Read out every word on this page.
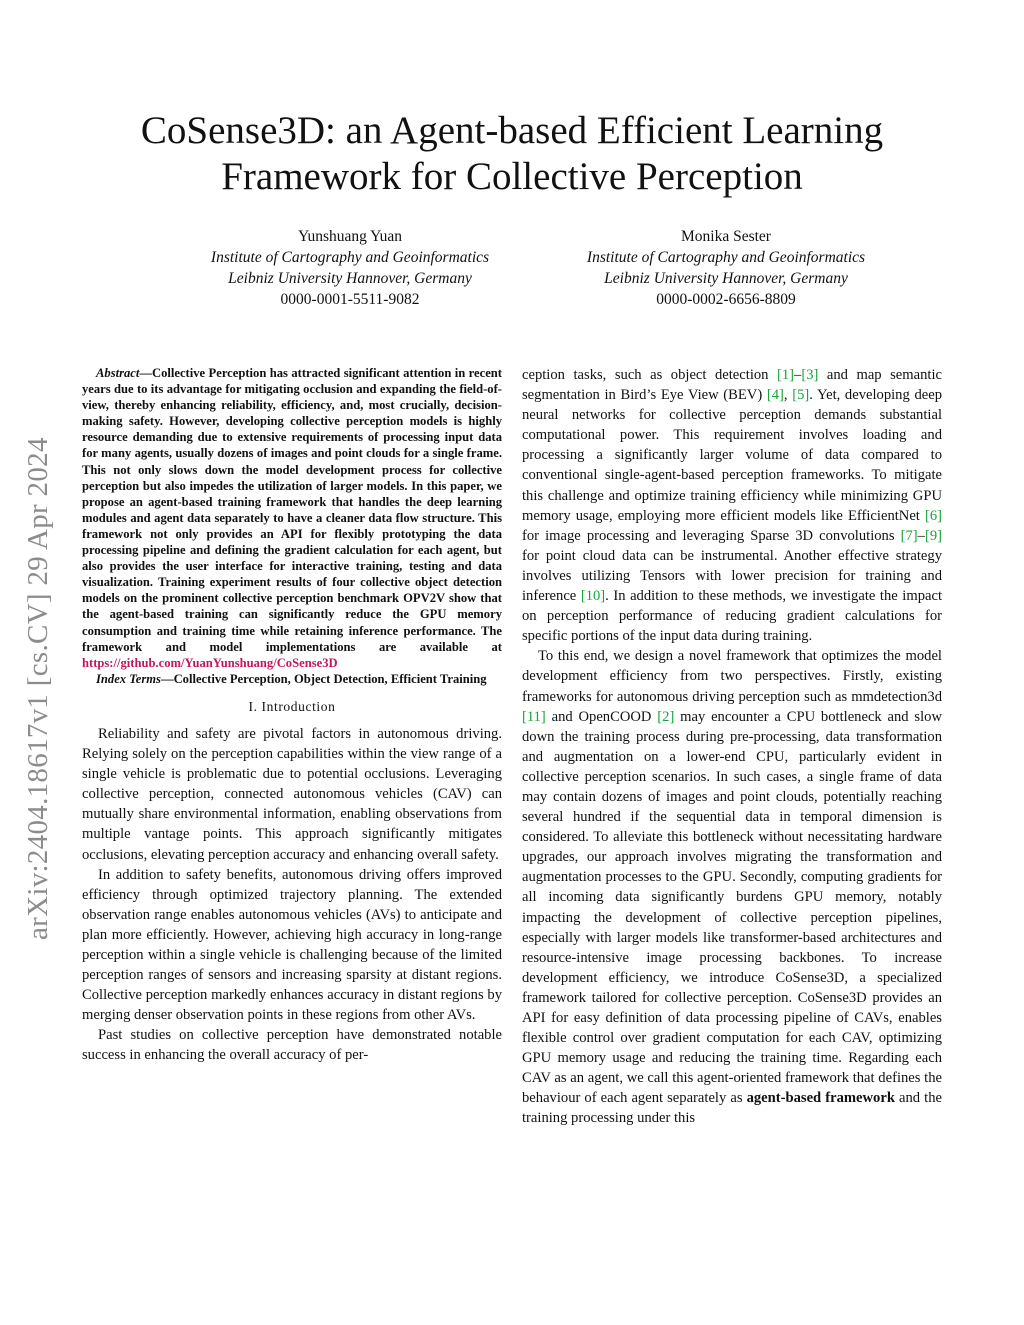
arXiv:2404.18617v1 [cs.CV] 29 Apr 2024
CoSense3D: an Agent-based Efficient Learning
Framework for Collective Perception
Yunshuang Yuan
Institute of Cartography and Geoinformatics
Leibniz University Hannover, Germany
0000-0001-5511-9082
Monika Sester
Institute of Cartography and Geoinformatics
Leibniz University Hannover, Germany
0000-0002-6656-8809

Abstract—Collective Perception has attracted significant attention in recent years due to its advantage for mitigating occlusion and expanding the field-of-view, thereby enhancing reliability, efficiency, and, most crucially, decision-making safety. However, developing collective perception models is highly resource demanding due to extensive requirements of processing input data for many agents, usually dozens of images and point clouds for a single frame. This not only slows down the model development process for collective perception but also impedes the utilization of larger models. In this paper, we propose an agent-based training framework that handles the deep learning modules and agent data separately to have a cleaner data flow structure. This framework not only provides an API for flexibly prototyping the data processing pipeline and defining the gradient calculation for each agent, but also provides the user interface for interactive training, testing and data visualization. Training experiment results of four collective object detection models on the prominent collective perception benchmark OPV2V show that the agent-based training can significantly reduce the GPU memory consumption and training time while retaining inference performance. The framework and model implementations are available at https://github.com/YuanYunshuang/CoSense3D

Index Terms—Collective Perception, Object Detection, Efficient Training

I. Introduction

Reliability and safety are pivotal factors in autonomous driving. Relying solely on the perception capabilities within the view range of a single vehicle is problematic due to potential occlusions. Leveraging collective perception, connected autonomous vehicles (CAV) can mutually share environmental information, enabling observations from multiple vantage points. This approach significantly mitigates occlusions, elevating perception accuracy and enhancing overall safety.

In addition to safety benefits, autonomous driving offers improved efficiency through optimized trajectory planning. The extended observation range enables autonomous vehicles (AVs) to anticipate and plan more efficiently. However, achieving high accuracy in long-range perception within a single vehicle is challenging because of the limited perception ranges of sensors and increasing sparsity at distant regions. Collective perception markedly enhances accuracy in distant regions by merging denser observation points in these regions from other AVs.

Past studies on collective perception have demonstrated notable success in enhancing the overall accuracy of per-

ception tasks, such as object detection [1]–[3] and map semantic segmentation in Bird’s Eye View (BEV) [4], [5]. Yet, developing deep neural networks for collective perception demands substantial computational power. This requirement involves loading and processing a significantly larger volume of data compared to conventional single-agent-based perception frameworks. To mitigate this challenge and optimize training efficiency while minimizing GPU memory usage, employing more efficient models like EfficientNet [6] for image processing and leveraging Sparse 3D convolutions [7]–[9] for point cloud data can be instrumental. Another effective strategy involves utilizing Tensors with lower precision for training and inference [10]. In addition to these methods, we investigate the impact on perception performance of reducing gradient calculations for specific portions of the input data during training.

To this end, we design a novel framework that optimizes the model development efficiency from two perspectives. Firstly, existing frameworks for autonomous driving perception such as mmdetection3d [11] and OpenCOOD [2] may encounter a CPU bottleneck and slow down the training process during pre-processing, data transformation and augmentation on a lower-end CPU, particularly evident in collective perception scenarios. In such cases, a single frame of data may contain dozens of images and point clouds, potentially reaching several hundred if the sequential data in temporal dimension is considered. To alleviate this bottleneck without necessitating hardware upgrades, our approach involves migrating the transformation and augmentation processes to the GPU. Secondly, computing gradients for all incoming data significantly burdens GPU memory, notably impacting the development of collective perception pipelines, especially with larger models like transformer-based architectures and resource-intensive image processing backbones. To increase development efficiency, we introduce CoSense3D, a specialized framework tailored for collective perception. CoSense3D provides an API for easy definition of data processing pipeline of CAVs, enables flexible control over gradient computation for each CAV, optimizing GPU memory usage and reducing the training time. Regarding each CAV as an agent, we call this agent-oriented framework that defines the behaviour of each agent separately as agent-based framework and the training processing under this
